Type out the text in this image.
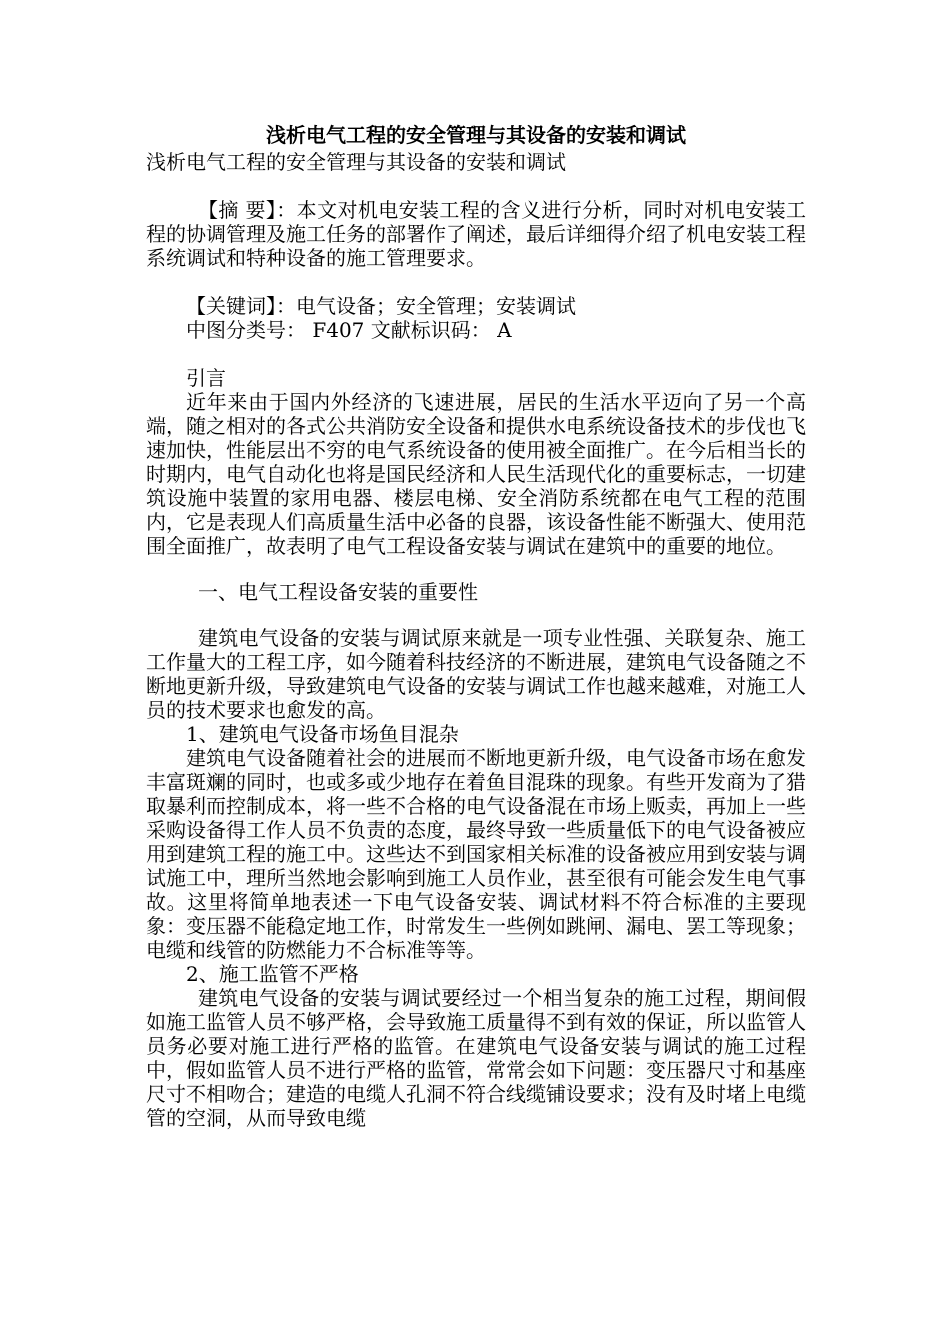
浅析电气工程的安全管理与其设备的安装和调试

浅析电气工程的安全管理与其设备的安装和调试

【摘 要】：本文对机电安装工程的含义进行分析，同时对机电安装工程的协调管理及施工任务的部署作了阐述，最后详细得介绍了机电安装工程系统调试和特种设备的施工管理要求。

【关键词】：电气设备；安全管理；安装调试

中图分类号： F407 文献标识码： A

引言

近年来由于国内外经济的飞速进展，居民的生活水平迈向了另一个高端，随之相对的各式公共消防安全设备和提供水电系统设备技术的步伐也飞速加快，性能层出不穷的电气系统设备的使用被全面推广。在今后相当长的时期内，电气自动化也将是国民经济和人民生活现代化的重要标志，一切建筑设施中装置的家用电器、楼层电梯、安全消防系统都在电气工程的范围内，它是表现人们高质量生活中必备的良器，该设备性能不断强大、使用范围全面推广，故表明了电气工程设备安装与调试在建筑中的重要的地位。

一、电气工程设备安装的重要性

建筑电气设备的安装与调试原来就是一项专业性强、关联复杂、施工工作量大的工程工序，如今随着科技经济的不断进展，建筑电气设备随之不断地更新升级，导致建筑电气设备的安装与调试工作也越来越难，对施工人员的技术要求也愈发的高。

1、建筑电气设备市场鱼目混杂

建筑电气设备随着社会的进展而不断地更新升级，电气设备市场在愈发丰富斑斓的同时，也或多或少地存在着鱼目混珠的现象。有些开发商为了猎取暴利而控制成本，将一些不合格的电气设备混在市场上贩卖，再加上一些采购设备得工作人员不负责的态度，最终导致一些质量低下的电气设备被应用到建筑工程的施工中。这些达不到国家相关标准的设备被应用到安装与调试施工中，理所当然地会影响到施工人员作业，甚至很有可能会发生电气事故。这里将简单地表述一下电气设备安装、调试材料不符合标准的主要现象：变压器不能稳定地工作，时常发生一些例如跳闸、漏电、罢工等现象；电缆和线管的防燃能力不合标准等等。

2、施工监管不严格

建筑电气设备的安装与调试要经过一个相当复杂的施工过程，期间假如施工监管人员不够严格，会导致施工质量得不到有效的保证，所以监管人员务必要对施工进行严格的监管。在建筑电气设备安装与调试的施工过程中，假如监管人员不进行严格的监管，常常会如下问题：变压器尺寸和基座尺寸不相吻合；建造的电缆人孔洞不符合线缆铺设要求；没有及时堵上电缆管的空洞，从而导致电缆
